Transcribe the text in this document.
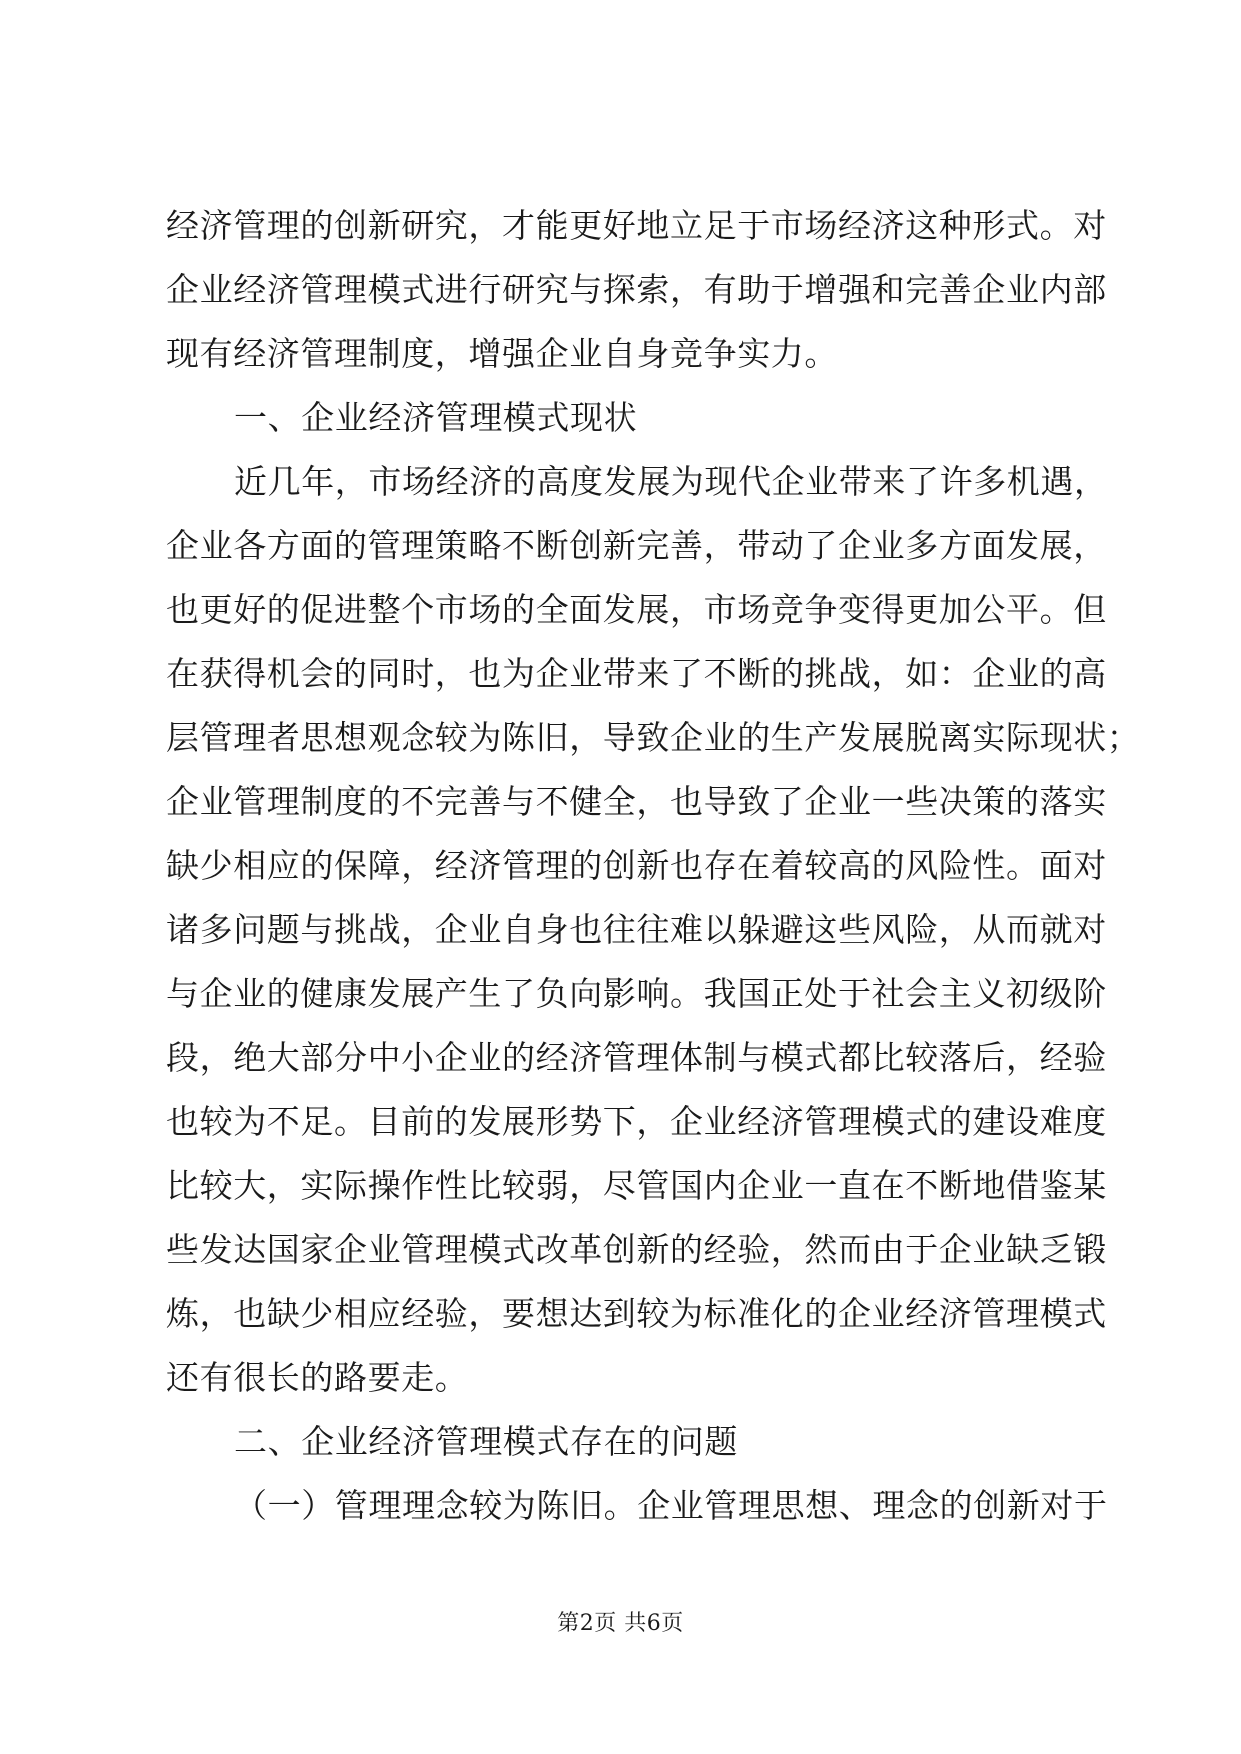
经济管理的创新研究，才能更好地立足于市场经济这种形式。对
企业经济管理模式进行研究与探索，有助于增强和完善企业内部
现有经济管理制度，增强企业自身竞争实力。
一、企业经济管理模式现状
近几年，市场经济的高度发展为现代企业带来了许多机遇，
企业各方面的管理策略不断创新完善，带动了企业多方面发展，
也更好的促进整个市场的全面发展，市场竞争变得更加公平。但
在获得机会的同时，也为企业带来了不断的挑战，如：企业的高
层管理者思想观念较为陈旧，导致企业的生产发展脱离实际现状；
企业管理制度的不完善与不健全，也导致了企业一些决策的落实
缺少相应的保障，经济管理的创新也存在着较高的风险性。面对
诸多问题与挑战，企业自身也往往难以躲避这些风险，从而就对
与企业的健康发展产生了负向影响。我国正处于社会主义初级阶
段，绝大部分中小企业的经济管理体制与模式都比较落后，经验
也较为不足。目前的发展形势下，企业经济管理模式的建设难度
比较大，实际操作性比较弱，尽管国内企业一直在不断地借鉴某
些发达国家企业管理模式改革创新的经验，然而由于企业缺乏锻
炼，也缺少相应经验，要想达到较为标准化的企业经济管理模式
还有很长的路要走。
二、企业经济管理模式存在的问题
（一）管理理念较为陈旧。企业管理思想、理念的创新对于
第2页 共6页
